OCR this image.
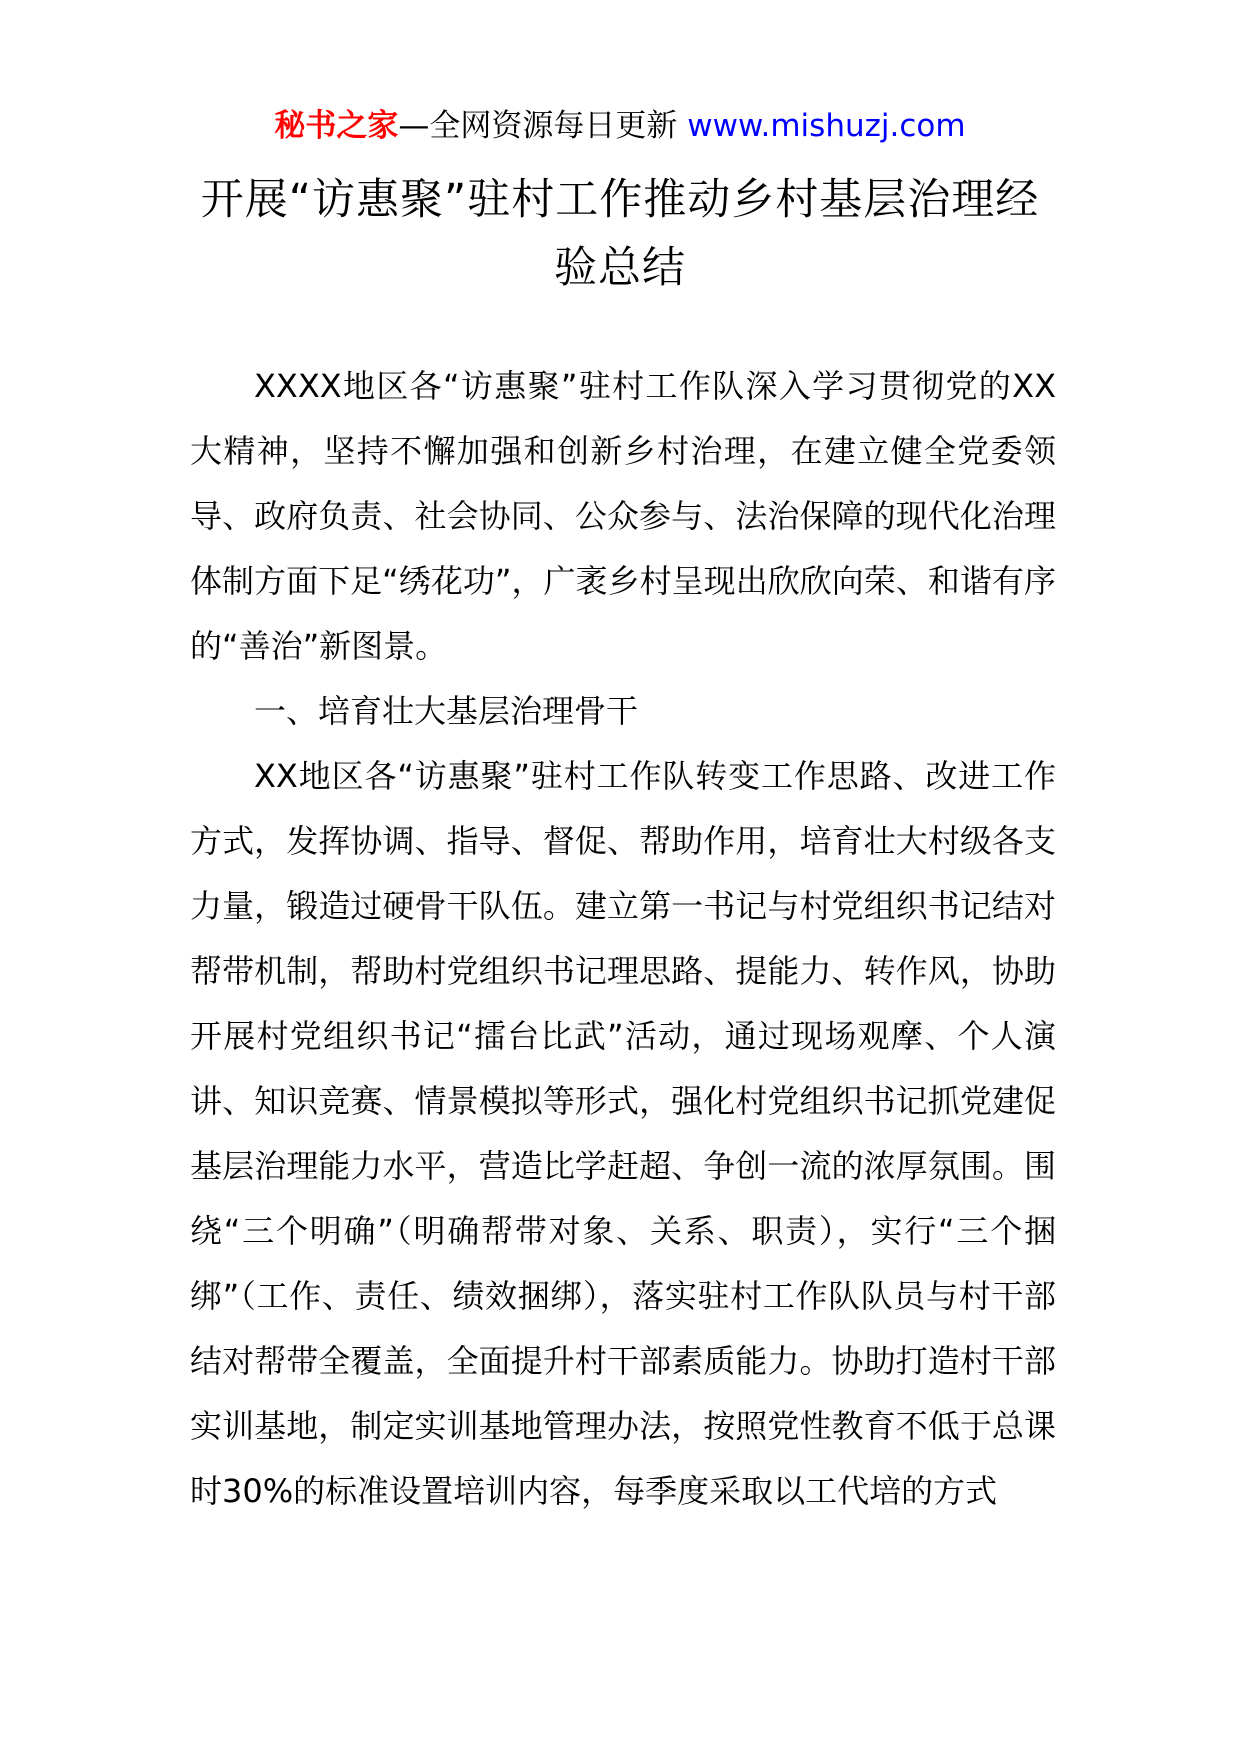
秘书之家—全网资源每日更新 www.mishuzj.com
开展“访惠聚”驻村工作推动乡村基层治理经验总结

XXXX地区各“访惠聚”驻村工作队深入学习贯彻党的XX大精神，坚持不懈加强和创新乡村治理，在建立健全党委领导、政府负责、社会协同、公众参与、法治保障的现代化治理体制方面下足“绣花功”，广袤乡村呈现出欣欣向荣、和谐有序的“善治”新图景。

一、培育壮大基层治理骨干

XX地区各“访惠聚”驻村工作队转变工作思路、改进工作方式，发挥协调、指导、督促、帮助作用，培育壮大村级各支力量，锻造过硬骨干队伍。建立第一书记与村党组织书记结对帮带机制，帮助村党组织书记理思路、提能力、转作风，协助开展村党组织书记“擂台比武”活动，通过现场观摩、个人演讲、知识竞赛、情景模拟等形式，强化村党组织书记抓党建促基层治理能力水平，营造比学赶超、争创一流的浓厚氛围。围绕“三个明确”（明确帮带对象、关系、职责），实行“三个捆绑”（工作、责任、绩效捆绑），落实驻村工作队队员与村干部结对帮带全覆盖，全面提升村干部素质能力。协助打造村干部实训基地，制定实训基地管理办法，按照党性教育不低于总课时30%的标准设置培训内容，每季度采取以工代培的方式
